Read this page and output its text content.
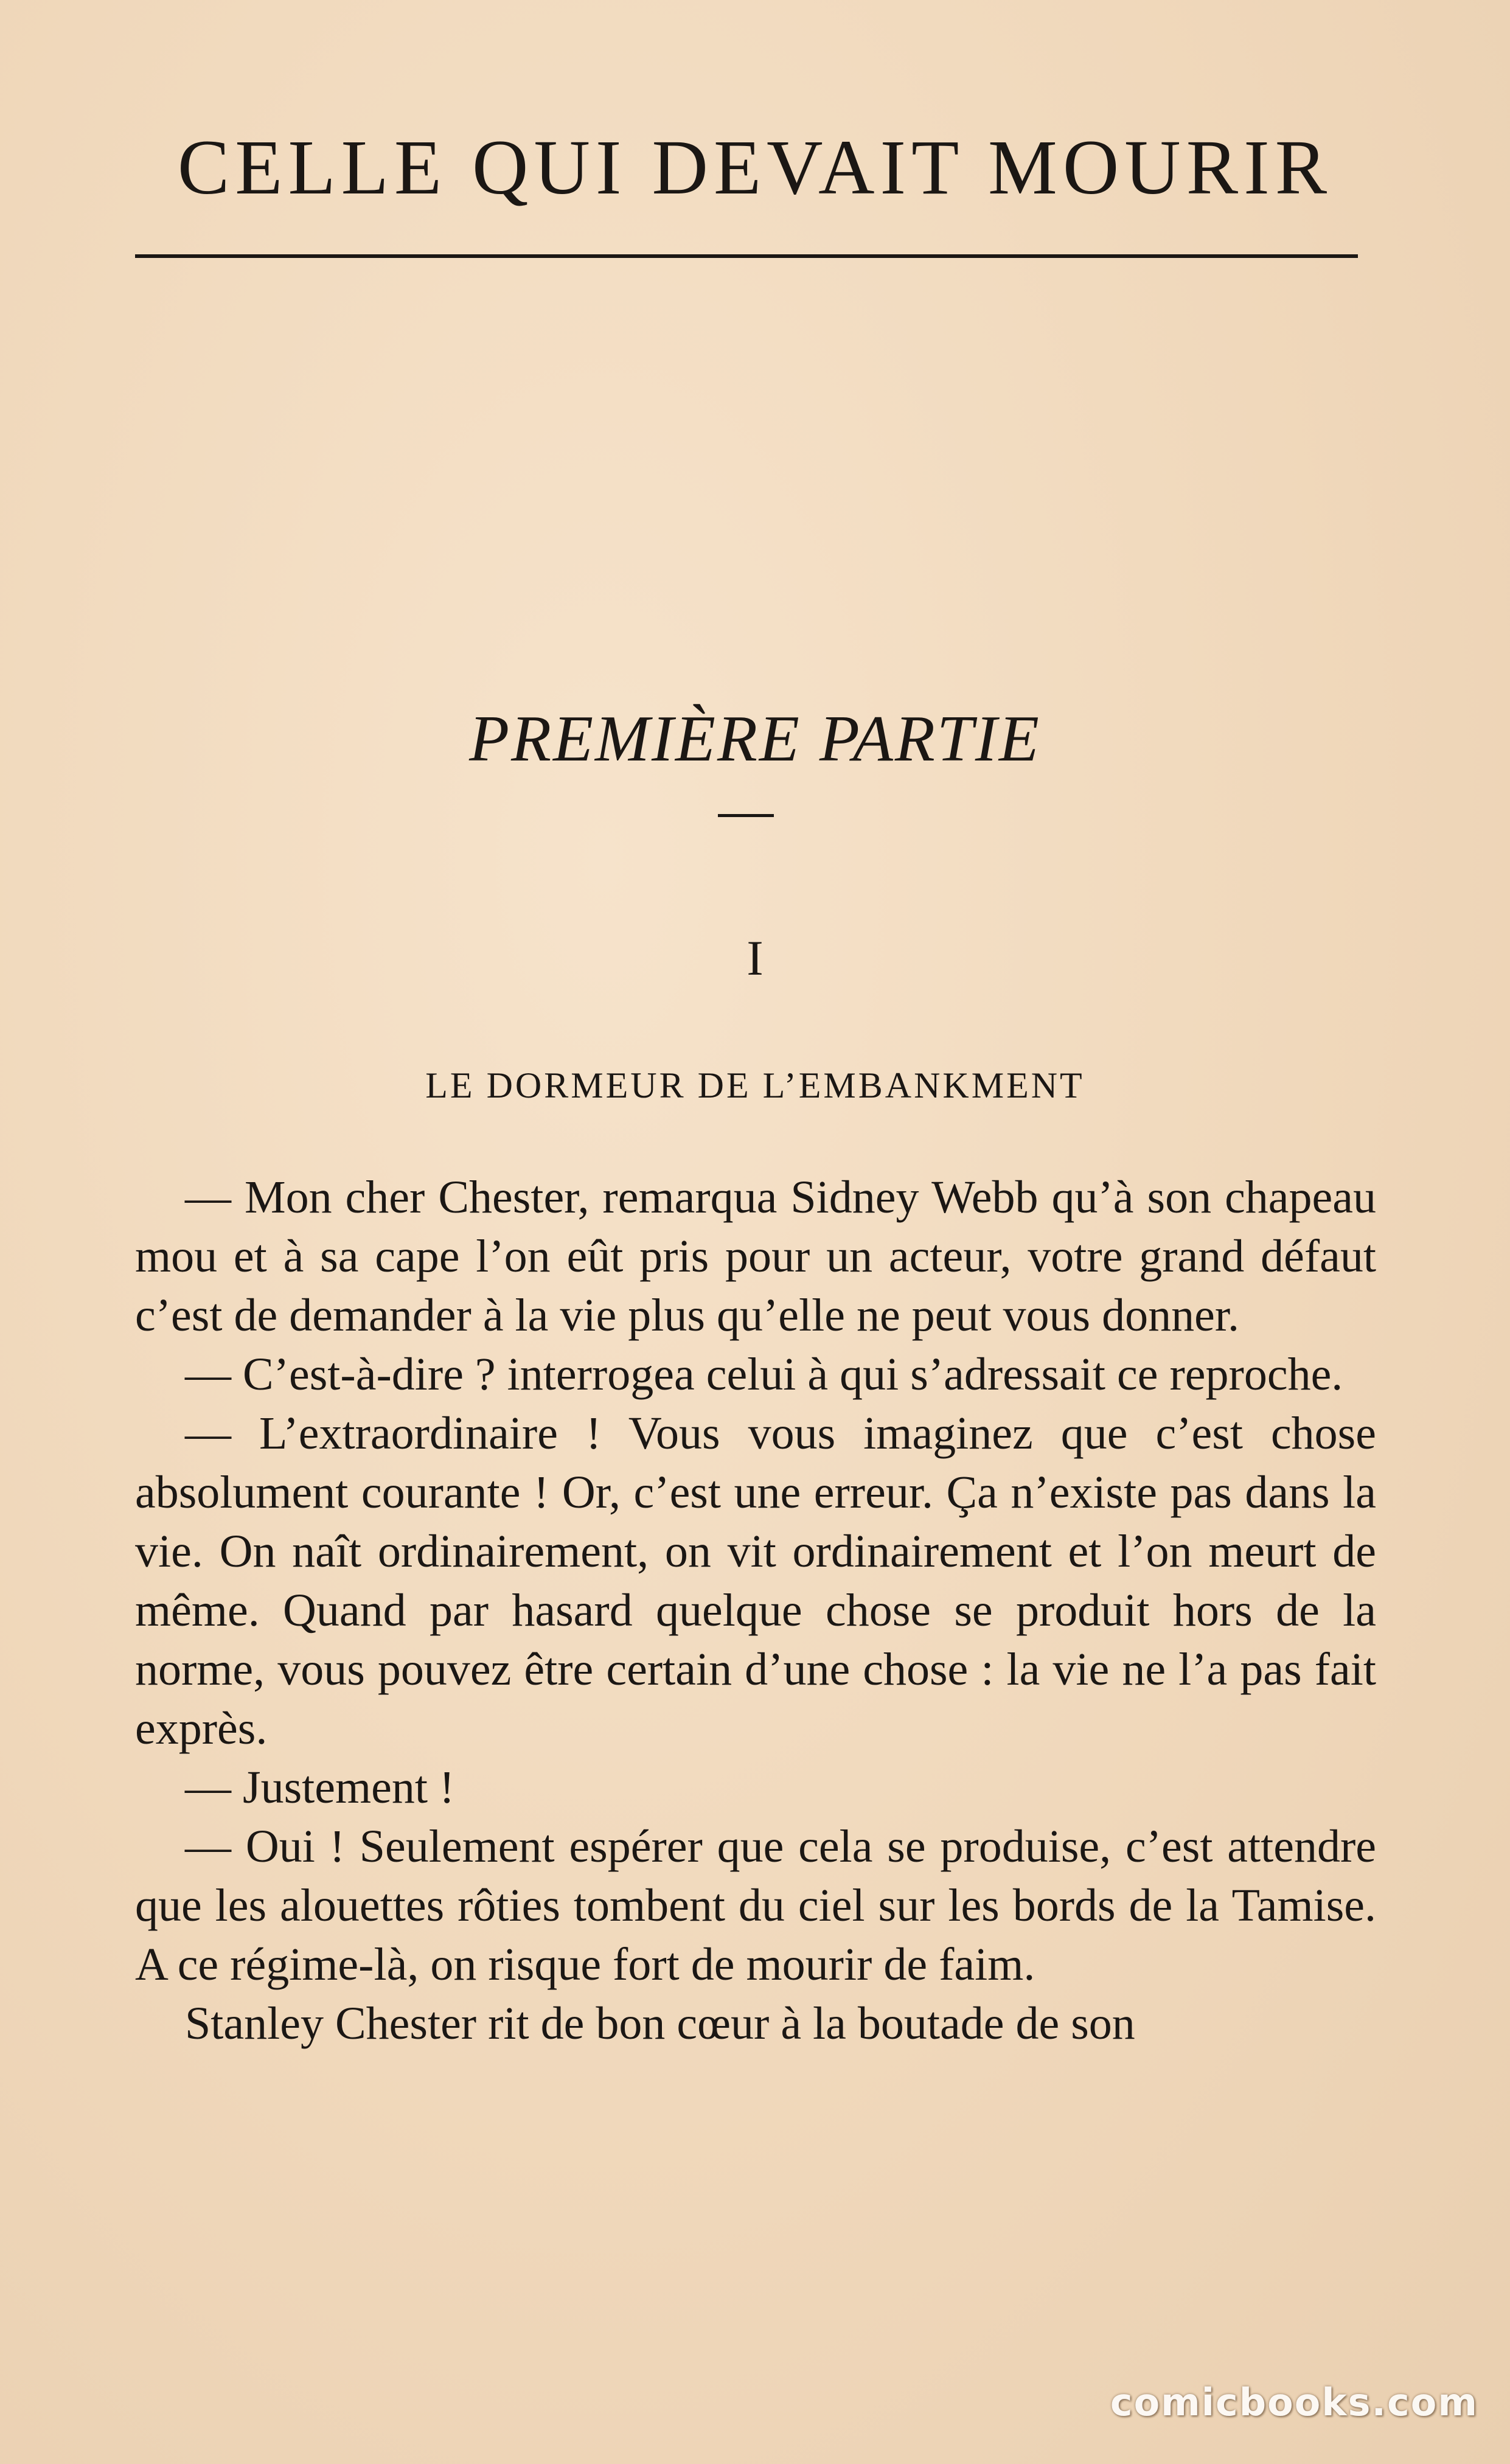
CELLE QUI DEVAIT MOURIR
PREMIÈRE PARTIE
I
LE DORMEUR DE L’EMBANKMENT

— Mon cher Chester, remarqua Sidney Webb qu’à son chapeau mou et à sa cape l’on eût pris pour un acteur, votre grand défaut c’est de demander à la vie plus qu’elle ne peut vous donner.

— C’est-à-dire ? interrogea celui à qui s’adressait ce reproche.

— L’extraordinaire ! Vous vous imaginez que c’est chose absolument courante ! Or, c’est une erreur. Ça n’existe pas dans la vie. On naît ordinairement, on vit ordinairement et l’on meurt de même. Quand par hasard quelque chose se produit hors de la norme, vous pouvez être certain d’une chose : la vie ne l’a pas fait exprès.

— Justement !

— Oui ! Seulement espérer que cela se produise, c’est attendre que les alouettes rôties tombent du ciel sur les bords de la Tamise. A ce régime-là, on risque fort de mourir de faim.

Stanley Chester rit de bon cœur à la boutade de son

comicbooks.com
